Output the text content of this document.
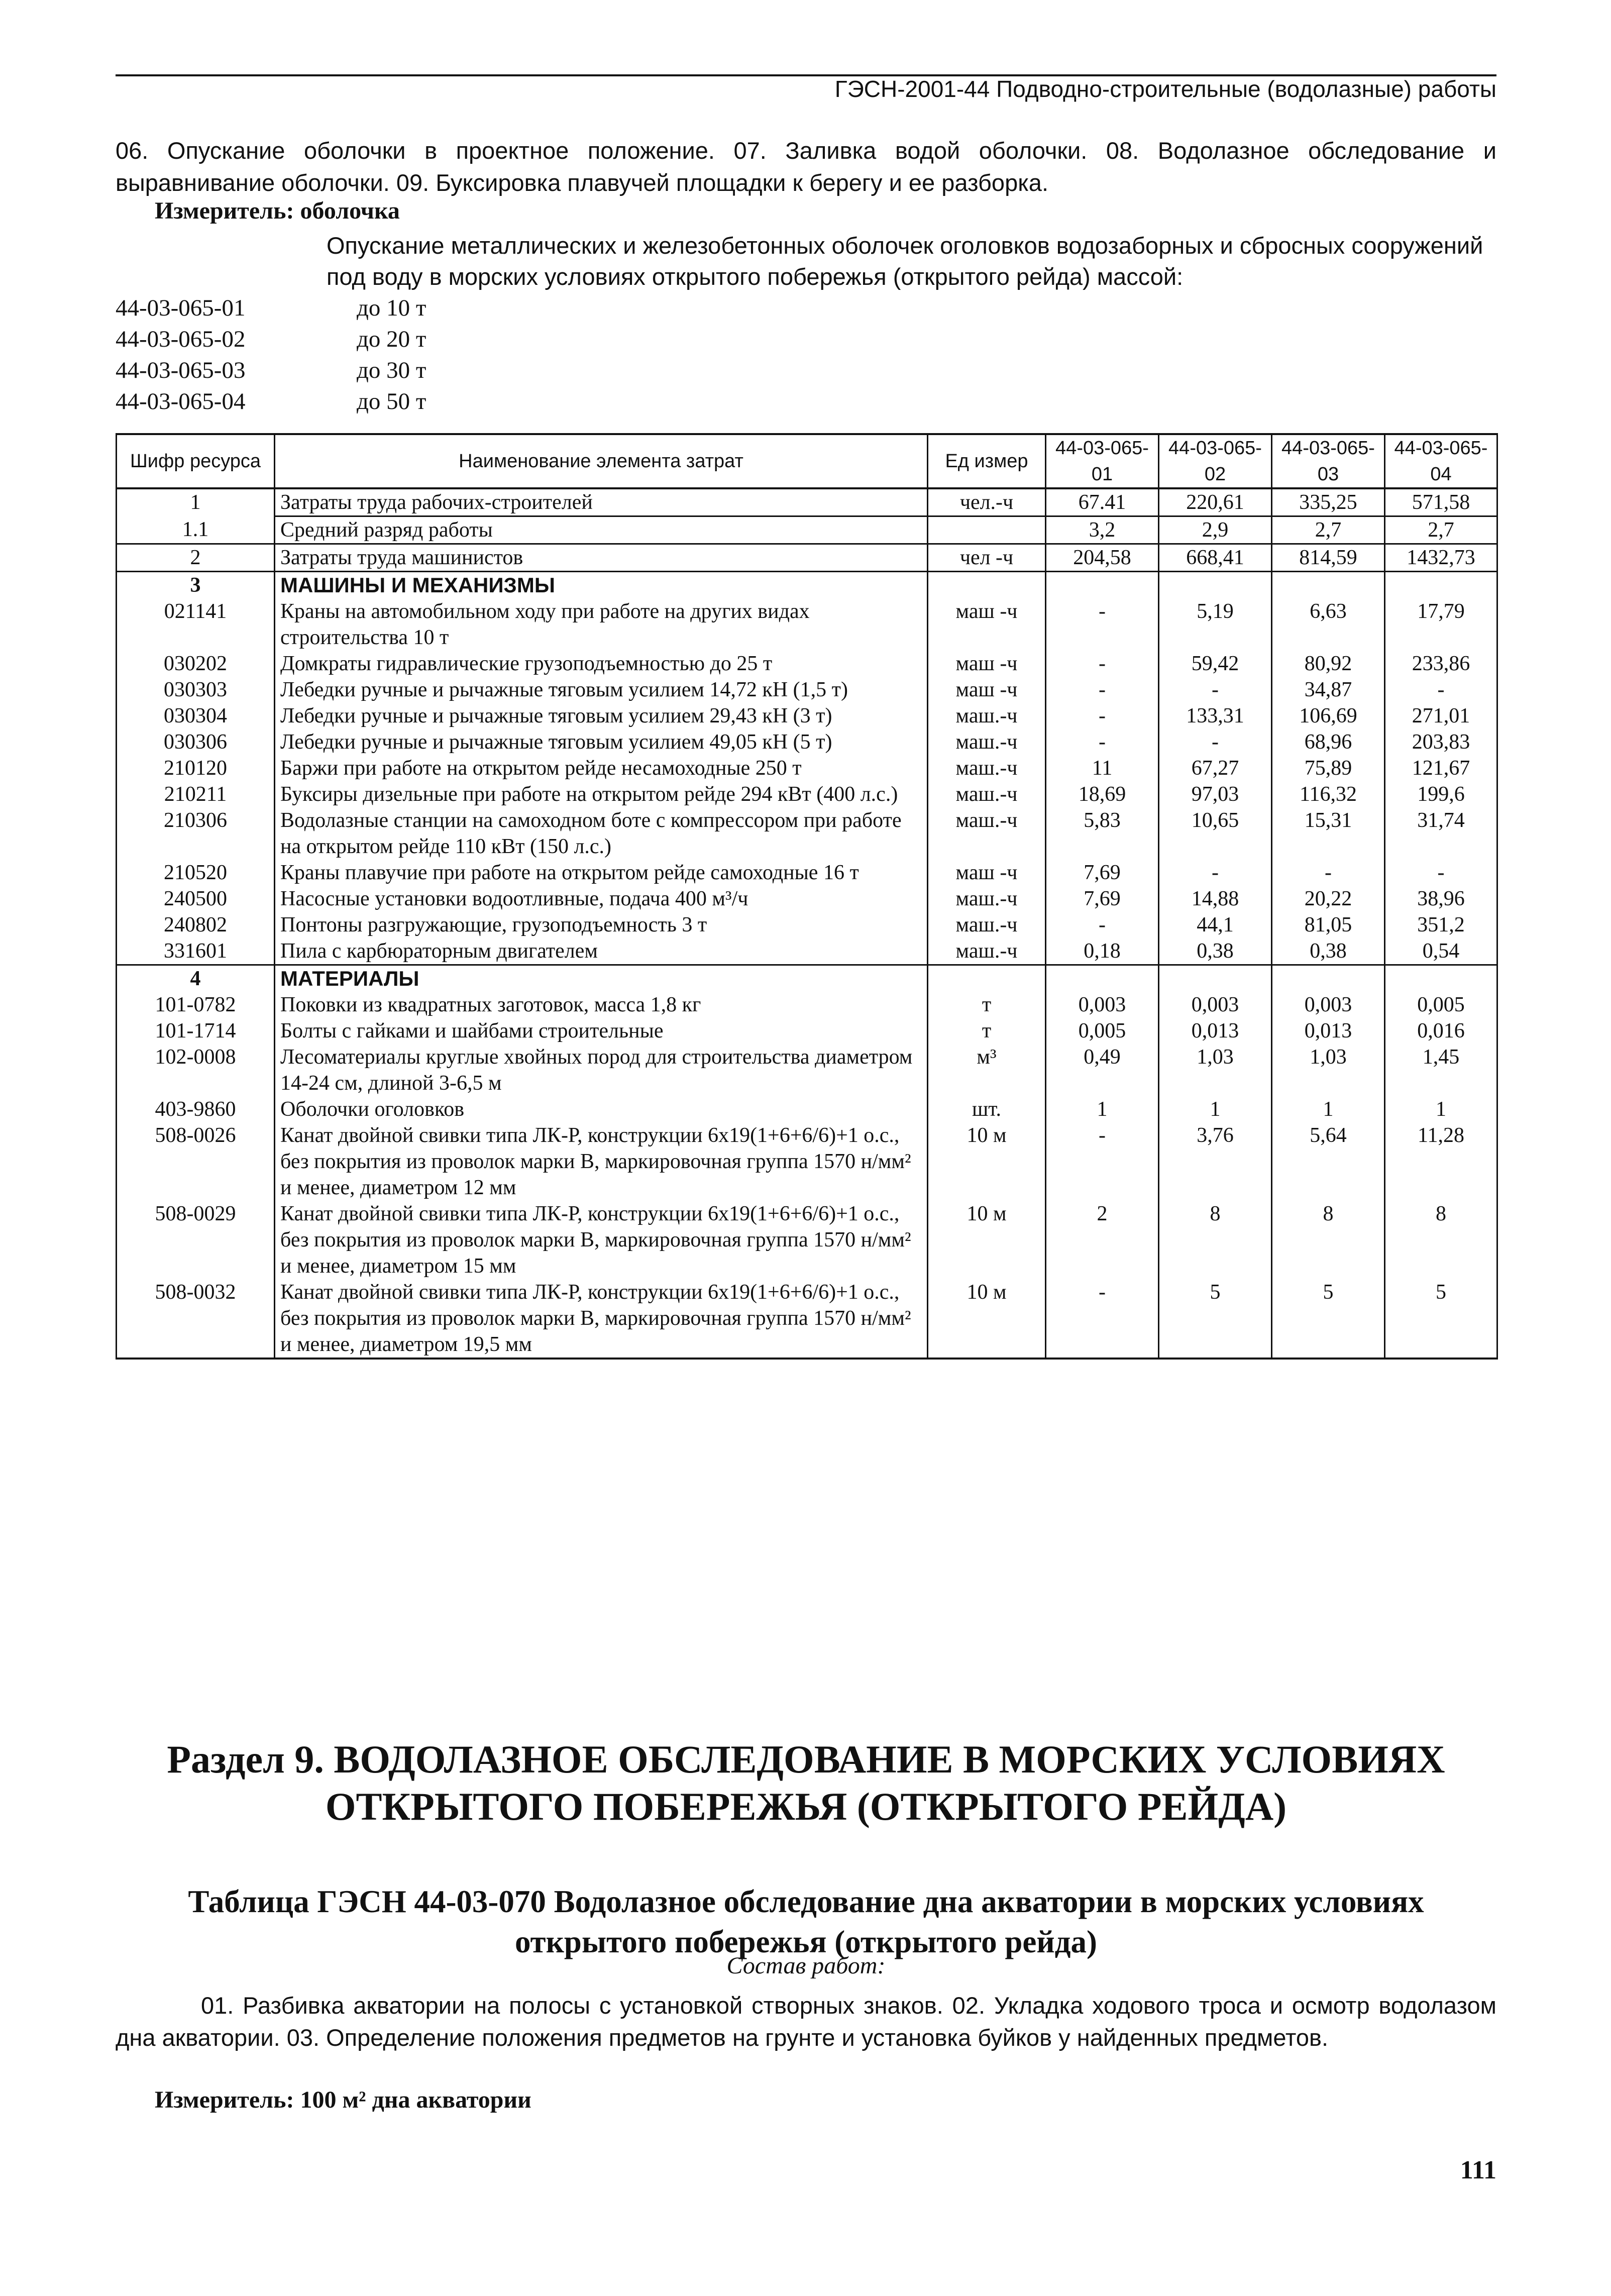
ГЭСН-2001-44 Подводно-строительные (водолазные) работы
06. Опускание оболочки в проектное положение. 07. Заливка водой оболочки. 08. Водолазное обследование и выравнивание оболочки. 09. Буксировка плавучей площадки к берегу и ее разборка.
Измеритель: оболочка
Опускание металлических и железобетонных оболочек оголовков водозаборных и сбросных сооружений под воду в морских условиях открытого побережья (открытого рейда) массой:
44-03-065-01	до 10 т
44-03-065-02	до 20 т
44-03-065-03	до 30 т
44-03-065-04	до 50 т
Шифр ресурса	Наименование элемента затрат	Ед измер	44-03-065-01	44-03-065-02	44-03-065-03	44-03-065-04
1	Затраты труда рабочих-строителей	чел.-ч	67.41	220,61	335,25	571,58
1.1	Средний разряд работы		3,2	2,9	2,7	2,7
2	Затраты труда машинистов	чел -ч	204,58	668,41	814,59	1432,73
3	МАШИНЫ И МЕХАНИЗМЫ					
021141	Краны на автомобильном ходу при работе на других видах строительства 10 т	маш -ч	-	5,19	6,63	17,79
030202	Домкраты гидравлические грузоподъемностью до 25 т	маш -ч	-	59,42	80,92	233,86
030303	Лебедки ручные и рычажные тяговым усилием 14,72 кН (1,5 т)	маш -ч	-	-	34,87	-
030304	Лебедки ручные и рычажные тяговым усилием 29,43 кН (3 т)	маш.-ч	-	133,31	106,69	271,01
030306	Лебедки ручные и рычажные тяговым усилием 49,05 кН (5 т)	маш.-ч	-	-	68,96	203,83
210120	Баржи при работе на открытом рейде несамоходные 250 т	маш.-ч	11	67,27	75,89	121,67
210211	Буксиры дизельные при работе на открытом рейде 294 кВт (400 л.с.)	маш.-ч	18,69	97,03	116,32	199,6
210306	Водолазные станции на самоходном боте с компрессором при работе на открытом рейде 110 кВт (150 л.с.)	маш.-ч	5,83	10,65	15,31	31,74
210520	Краны плавучие при работе на открытом рейде самоходные 16 т	маш -ч	7,69	-	-	-
240500	Насосные установки водоотливные, подача 400 м³/ч	маш.-ч	7,69	14,88	20,22	38,96
240802	Понтоны разгружающие, грузоподъемность 3 т	маш.-ч	-	44,1	81,05	351,2
331601	Пила с карбюраторным двигателем	маш.-ч	0,18	0,38	0,38	0,54
4	МАТЕРИАЛЫ					
101-0782	Поковки из квадратных заготовок, масса 1,8 кг	т	0,003	0,003	0,003	0,005
101-1714	Болты с гайками и шайбами строительные	т	0,005	0,013	0,013	0,016
102-0008	Лесоматериалы круглые хвойных пород для строительства диаметром 14-24 см, длиной 3-6,5 м	м³	0,49	1,03	1,03	1,45
403-9860	Оболочки оголовков	шт.	1	1	1	1
508-0026	Канат двойной свивки типа ЛК-Р, конструкции 6х19(1+6+6/6)+1 о.с., без покрытия из проволок марки В, маркировочная группа 1570 н/мм² и менее, диаметром 12 мм	10 м	-	3,76	5,64	11,28
508-0029	Канат двойной свивки типа ЛК-Р, конструкции 6х19(1+6+6/6)+1 о.с., без покрытия из проволок марки В, маркировочная группа 1570 н/мм² и менее, диаметром 15 мм	10 м	2	8	8	8
508-0032	Канат двойной свивки типа ЛК-Р, конструкции 6х19(1+6+6/6)+1 о.с., без покрытия из проволок марки В, маркировочная группа 1570 н/мм² и менее, диаметром 19,5 мм	10 м	-	5	5	5
Раздел 9. ВОДОЛАЗНОЕ ОБСЛЕДОВАНИЕ В МОРСКИХ УСЛОВИЯХ ОТКРЫТОГО ПОБЕРЕЖЬЯ (ОТКРЫТОГО РЕЙДА)
Таблица ГЭСН 44-03-070 Водолазное обследование дна акватории в морских условиях открытого побережья (открытого рейда)
Состав работ:
01. Разбивка акватории на полосы с установкой створных знаков. 02. Укладка ходового троса и осмотр водолазом дна акватории. 03. Определение положения предметов на грунте и установка буйков у найденных предметов.
Измеритель: 100 м² дна акватории
111
